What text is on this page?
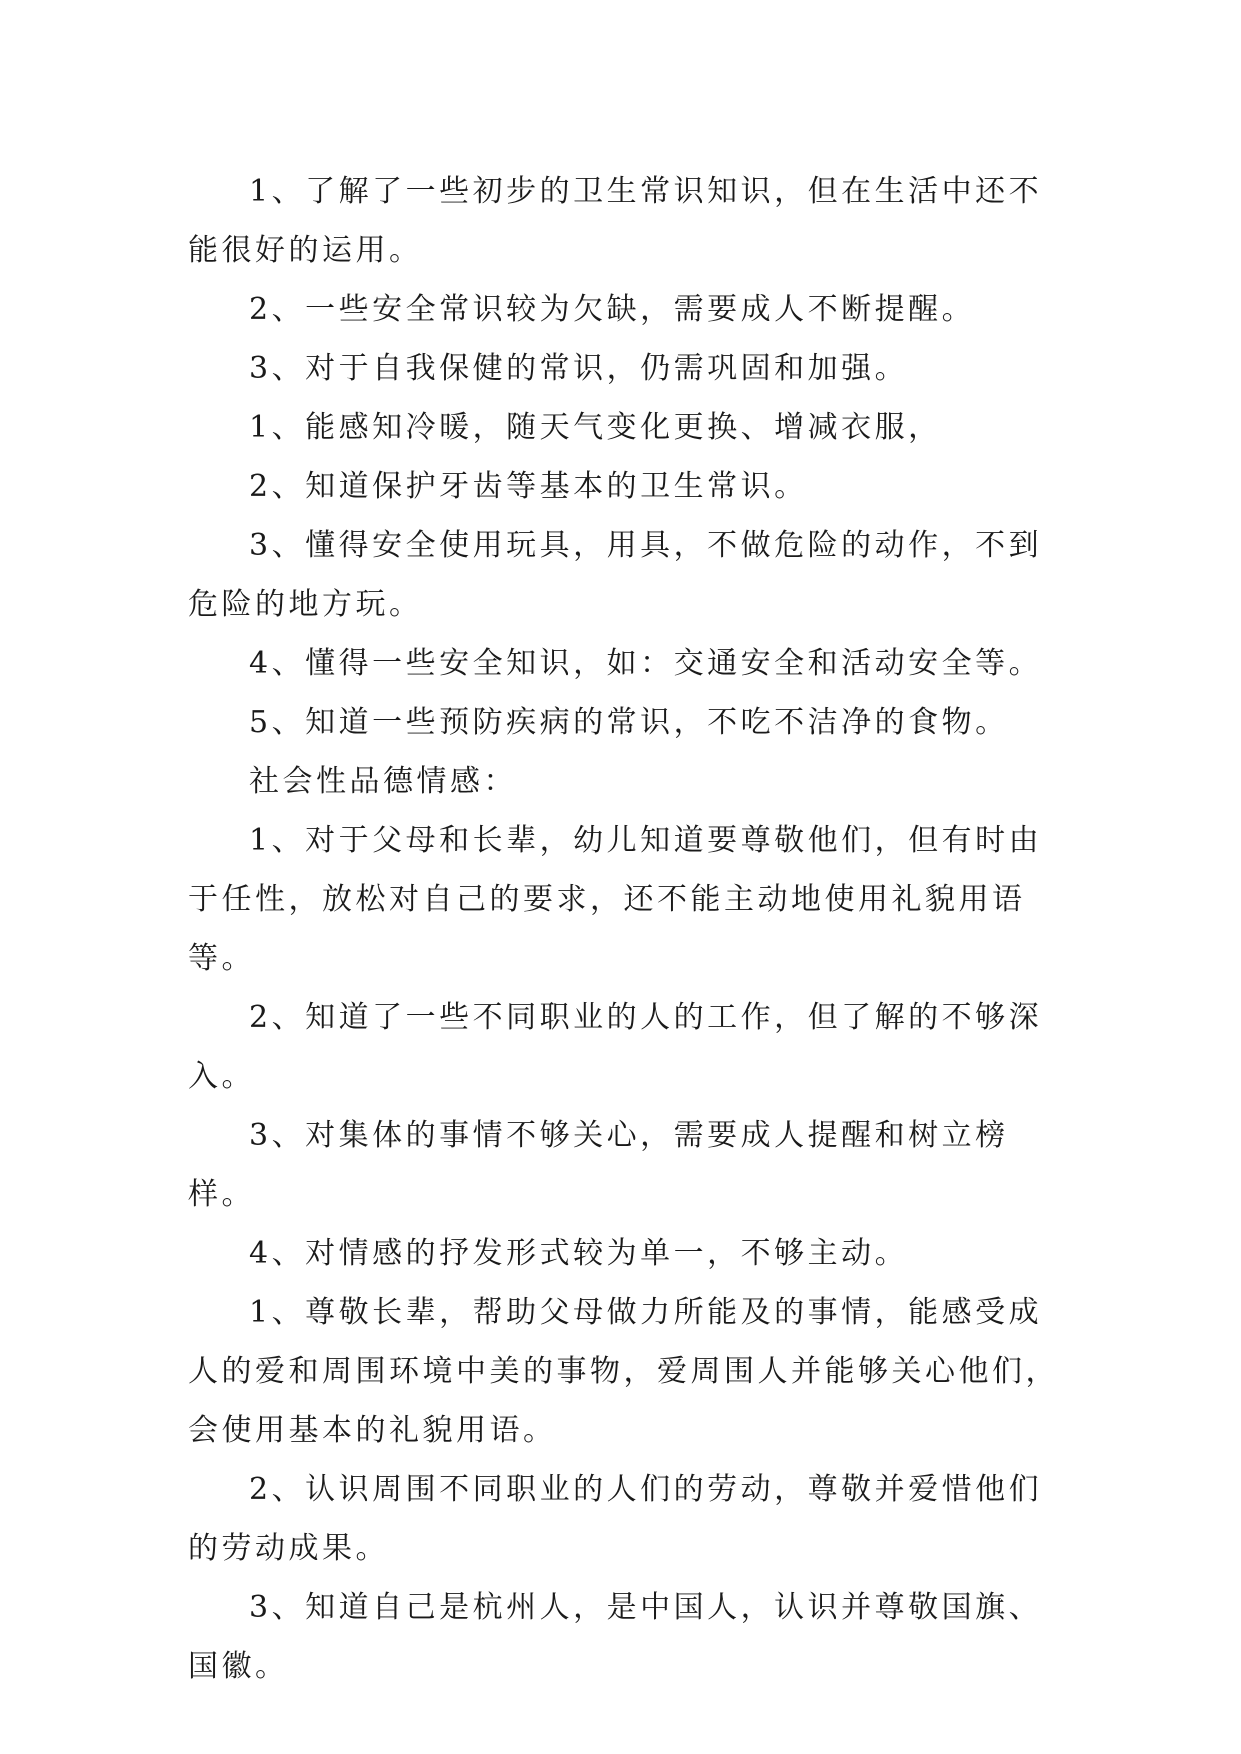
1、了解了一些初步的卫生常识知识，但在生活中还不能很好的运用。

2、一些安全常识较为欠缺，需要成人不断提醒。

3、对于自我保健的常识，仍需巩固和加强。

1、能感知冷暖，随天气变化更换、增减衣服，

2、知道保护牙齿等基本的卫生常识。

3、懂得安全使用玩具，用具，不做危险的动作，不到危险的地方玩。

4、懂得一些安全知识，如：交通安全和活动安全等。

5、知道一些预防疾病的常识，不吃不洁净的食物。

社会性品德情感：

1、对于父母和长辈，幼儿知道要尊敬他们，但有时由于任性，放松对自己的要求，还不能主动地使用礼貌用语等。

2、知道了一些不同职业的人的工作，但了解的不够深入。

3、对集体的事情不够关心，需要成人提醒和树立榜样。

4、对情感的抒发形式较为单一，不够主动。

1、尊敬长辈，帮助父母做力所能及的事情，能感受成人的爱和周围环境中美的事物，爱周围人并能够关心他们，会使用基本的礼貌用语。

2、认识周围不同职业的人们的劳动，尊敬并爱惜他们的劳动成果。

3、知道自己是杭州人，是中国人，认识并尊敬国旗、国徽。
